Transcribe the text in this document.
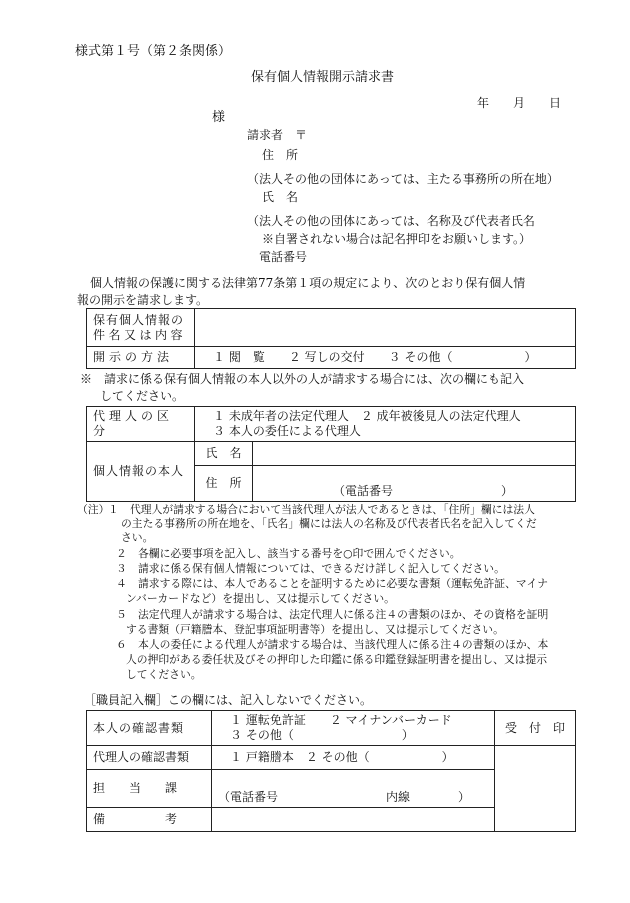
様式第１号（第２条関係）
保有個人情報開示請求書
年　　月　　日
様
請求者　〒
住　所
（法人その他の団体にあっては、主たる事務所の所在地）
氏　名
（法人その他の団体にあっては、名称及び代表者氏名
※自署されない場合は記名押印をお願いします。）
電話番号
個人情報の保護に関する法律第77条第１項の規定により、次のとおり保有個人情
報の開示を請求します。
保有個人情報の
件名又は内容	

開示の方法	１ 閲　覧　　２ 写しの交付　　３ その他（　　　　　　）
※　請求に係る保有個人情報の本人以外の人が請求する場合には、次の欄にも記入
してください。
代理人の区分	１ 未成年者の法定代理人　２ 成年被後見人の法定代理人
３ 本人の委任による代理人	

個人情報の本人	氏　名	
	住　所	（電話番号　　　　　　　　　）
（注）
１ 代理人が請求する場合において当該代理人が法人であるときは、「住所」欄には法人
の主たる事務所の所在地を、「氏名」欄には法人の名称及び代表者氏名を記入してくだ
さい。
２ 各欄に必要事項を記入し、該当する番号を○印で囲んでください。
３ 請求に係る保有個人情報については、できるだけ詳しく記入してください。
４ 請求する際には、本人であることを証明するために必要な書類（運転免許証、マイナ
ンバーカードなど）を提出し、又は提示してください。
５ 法定代理人が請求する場合は、法定代理人に係る注４の書類のほか、その資格を証明
する書類（戸籍謄本、登記事項証明書等）を提出し、又は提示してください。
６ 本人の委任による代理人が請求する場合は、当該代理人に係る注４の書類のほか、本
人の押印がある委任状及びその押印した印鑑に係る印鑑登録証明書を提出し、又は提示
してください。
［職員記入欄］この欄には、記入しないでください。
本人の確認書類	１ 運転免許証　　２ マイナンバーカード
３ その他（　　　　　　　　　）	受　付　印
代理人の確認書類	１ 戸籍謄本　２ その他（　　　　　　）	
担　　当　　課	（電話番号　　　　　　　　　内線　　　　）	
備　　　　　考		
